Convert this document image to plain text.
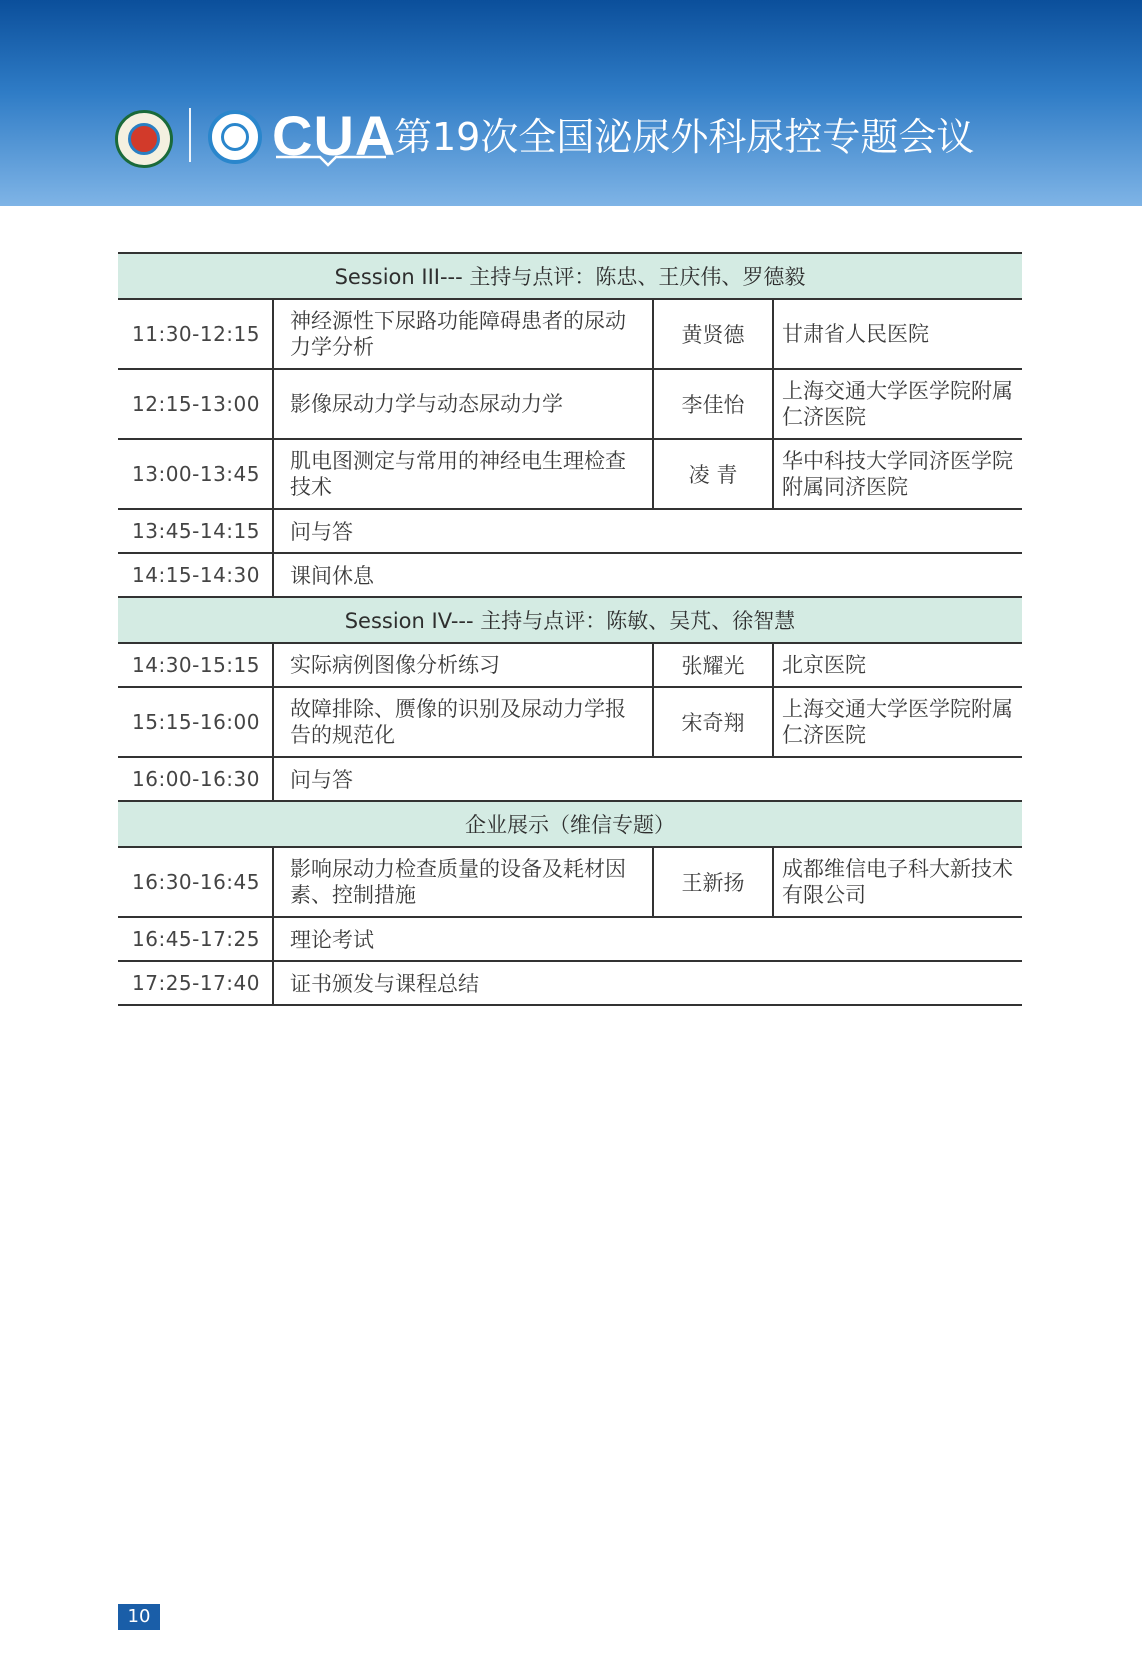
CUA
第19次全国泌尿外科尿控专题会议
Session III--- 主持与点评：陈忠、王庆伟、罗德毅			
11:30-12:15	神经源性下尿路功能障碍患者的尿动力学分析	黄贤德	甘肃省人民医院
12:15-13:00	影像尿动力学与动态尿动力学	李佳怡	上海交通大学医学院附属仁济医院
13:00-13:45	肌电图测定与常用的神经电生理检查技术	凌 青	华中科技大学同济医学院附属同济医院
13:45-14:15	问与答		
14:15-14:30	课间休息		
Session IV--- 主持与点评：陈敏、吴芃、徐智慧			
14:30-15:15	实际病例图像分析练习	张耀光	北京医院
15:15-16:00	故障排除、赝像的识别及尿动力学报告的规范化	宋奇翔	上海交通大学医学院附属仁济医院
16:00-16:30	问与答		
企业展示（维信专题）			
16:30-16:45	影响尿动力检查质量的设备及耗材因素、控制措施	王新扬	成都维信电子科大新技术有限公司
16:45-17:25	理论考试		
17:25-17:40	证书颁发与课程总结		
10
